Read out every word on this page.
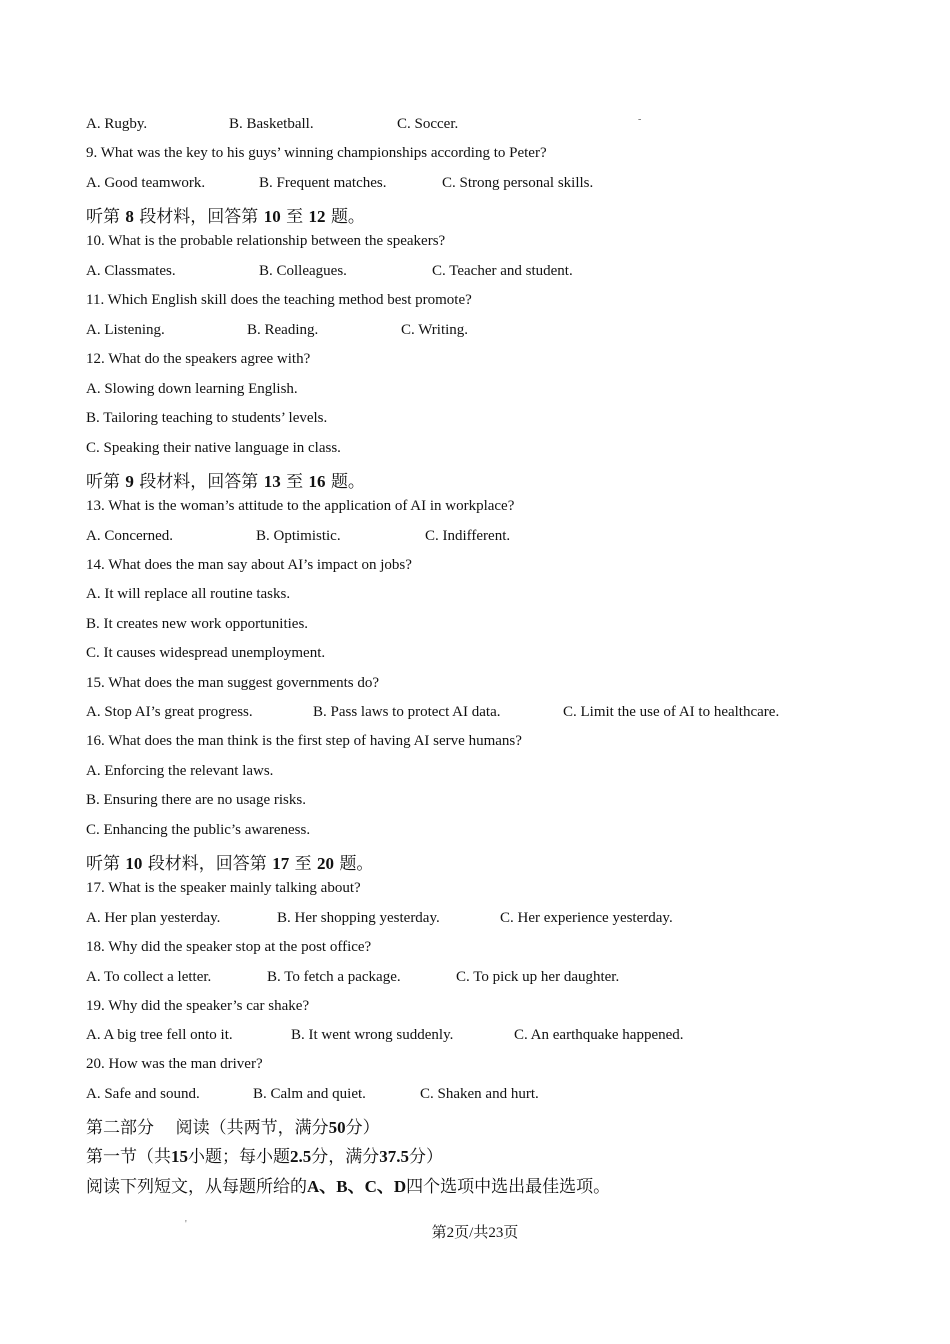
-
'
A. Rugby.	B. Basketball.	C. Soccer.
9. What was the key to his guys’ winning championships according to Peter?
A. Good teamwork.	B. Frequent matches.	C. Strong personal skills.
听第 8 段材料，回答第 10 至 12 题。
10. What is the probable relationship between the speakers?
A. Classmates.	B. Colleagues.	C. Teacher and student.
11. Which English skill does the teaching method best promote?
A. Listening.	B. Reading.	C. Writing.
12. What do the speakers agree with?
A. Slowing down learning English.
B. Tailoring teaching to students’ levels.
C. Speaking their native language in class.
听第 9 段材料，回答第 13 至 16 题。
13. What is the woman’s attitude to the application of AI in workplace?
A. Concerned.	B. Optimistic.	C. Indifferent.
14. What does the man say about AI’s impact on jobs?
A. It will replace all routine tasks.
B. It creates new work opportunities.
C. It causes widespread unemployment.
15. What does the man suggest governments do?
A. Stop AI’s great progress.	B. Pass laws to protect AI data.	C. Limit the use of AI to healthcare.
16. What does the man think is the first step of having AI serve humans?
A. Enforcing the relevant laws.
B. Ensuring there are no usage risks.
C. Enhancing the public’s awareness.
听第 10 段材料，回答第 17 至 20 题。
17. What is the speaker mainly talking about?
A. Her plan yesterday.	B. Her shopping yesterday.	C. Her experience yesterday.
18. Why did the speaker stop at the post office?
A. To collect a letter.	B. To fetch a package.	C. To pick up her daughter.
19. Why did the speaker’s car shake?
A. A big tree fell onto it.	B. It went wrong suddenly.	C. An earthquake happened.
20. How was the man driver?
A. Safe and sound.	B. Calm and quiet.	C. Shaken and hurt.
第二部分    阅读（共两节，满分50分）
第一节（共15小题；每小题2.5分，满分37.5分）
阅读下列短文，从每题所给的A、B、C、D四个选项中选出最佳选项。
第2页/共23页
